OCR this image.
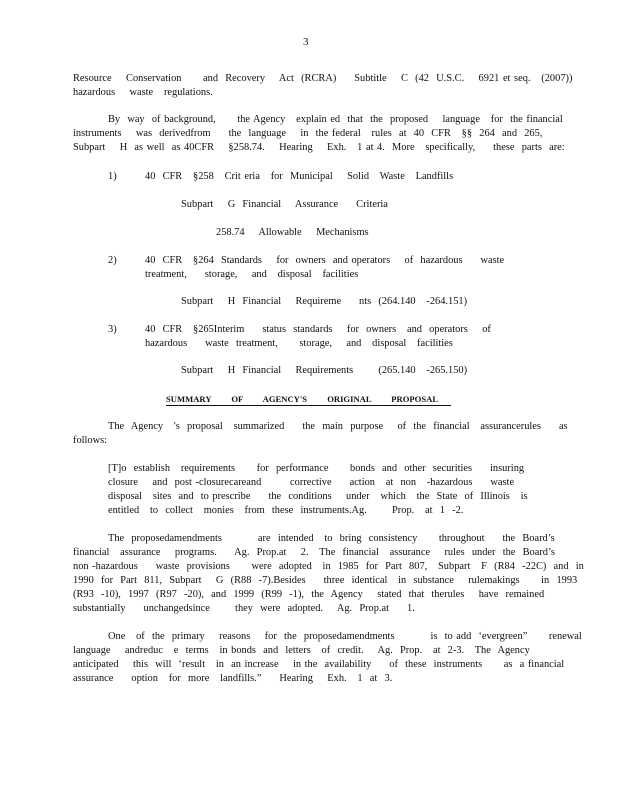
3
Resource    Conservation      and  Recovery    Act  (RCRA)     Subtitle    C  (42  U.S.C.    6921 et seq.   (2007))
hazardous    waste   regulations.
By  way  of background,      the Agency   explain ed  that  the  proposed    language   for  the financial
instruments    was  derivedfrom     the  language    in  the federal   rules  at  40  CFR   §§  264  and  265,
Subpart    H  as well  as 40CFR    §258.74.    Hearing    Exh.   1 at 4.  More   specifically,     these  parts  are:
1)	40  CFR   §258   Crit eria   for  Municipal    Solid   Waste   Landfills
Subpart    G  Financial    Assurance     Criteria
258.74    Allowable    Mechanisms
2)	40  CFR   §264  Standards    for  owners  and operators    of  hazardous     waste
treatment,     storage,    and   disposal   facilities
Subpart    H  Financial    Requireme     nts  (264.140   -264.151)
3)	40  CFR   §265Interim     status  standards    for  owners   and  operators    of
hazardous     waste  treatment,      storage,    and   disposal   facilities
Subpart    H  Financial    Requirements       (265.140   -265.150)
SUMMARY OF AGENCY'S ORIGINAL PROPOSAL
The  Agency   's  proposal   summarized     the  main  purpose    of  the  financial   assurancerules     as
follows:
[T]o  establish   requirements      for  performance      bonds  and  other  securities     insuring
closure    and  post -closurecareand        corrective     action   at  non   -hazardous     waste
disposal   sites  and  to prescribe     the  conditions    under   which   the  State  of  Illinois   is
entitled   to  collect   monies   from  these  instruments.Ag.       Prop.   at  1  -2.
The  proposedamendments          are  intended   to  bring  consistency      throughout     the  Board’s
financial   assurance    programs.     Ag.  Prop.at    2.   The  financial   assurance    rules  under  the  Board’s
non -hazardous     waste  provisions      were  adopted   in  1985  for  Part  807,   Subpart   F  (R84  -22C)  and  in
1990  for  Part  811,  Subpart    G  (R88  -7).Besides     three  identical   in  substance    rulemakings      in  1993
(R93  -10),  1997  (R97  -20),  and  1999  (R99  -1),  the  Agency    stated  that  therules    have  remained
substantially     unchangedsince       they  were  adopted.    Ag.  Prop.at     1.
One   of  the  primary    reasons    for  the  proposedamendments          is  to add  ‘evergreen”      renewal
language    andreduc   e  terms   in bonds  and  letters   of  credit.    Ag.  Prop.   at  2-3.   The  Agency
anticipated    this  will  ‘result   in  an increase    in the  availability     of  these  instruments      as  a financial
assurance     option   for  more   landfills.”     Hearing    Exh.   1  at  3.
